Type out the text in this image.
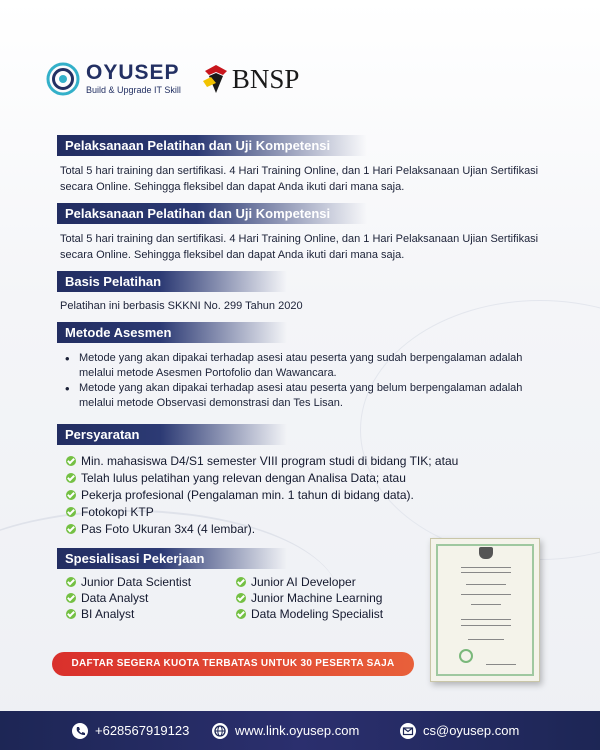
OYUSEP
Build & Upgrade IT Skill BNSP
Pelaksanaan Pelatihan dan Uji Kompetensi
Total 5 hari training dan sertifikasi. 4 Hari Training Online, dan 1 Hari Pelaksanaan Ujian Sertifikasi secara Online. Sehingga fleksibel dan dapat Anda ikuti dari mana saja.
Pelaksanaan Pelatihan dan Uji Kompetensi
Total 5 hari training dan sertifikasi. 4 Hari Training Online, dan 1 Hari Pelaksanaan Ujian Sertifikasi secara Online. Sehingga fleksibel dan dapat Anda ikuti dari mana saja.
Basis Pelatihan
Pelatihan ini berbasis SKKNI No. 299 Tahun 2020
Metode Asesmen
• Metode yang akan dipakai terhadap asesi atau peserta yang sudah berpengalaman adalah melalui metode Asesmen Portofolio dan Wawancara.
• Metode yang akan dipakai terhadap asesi atau peserta yang belum berpengalaman adalah melalui metode Observasi demonstrasi dan Tes Lisan.
Persyaratan
Min. mahasiswa D4/S1 semester VIII program studi di bidang TIK; atau
Telah lulus pelatihan yang relevan dengan Analisa Data; atau
Pekerja profesional (Pengalaman min. 1 tahun di bidang data).
Fotokopi KTP
Pas Foto Ukuran 3x4 (4 lembar).
Spesialisasi Pekerjaan
Junior Data Scientist
Data Analyst
BI Analyst
Junior AI Developer
Junior Machine Learning
Data Modeling Specialist
DAFTAR SEGERA KUOTA TERBATAS UNTUK 30 PESERTA SAJA
+628567919123	www.link.oyusep.com	cs@oyusep.com
